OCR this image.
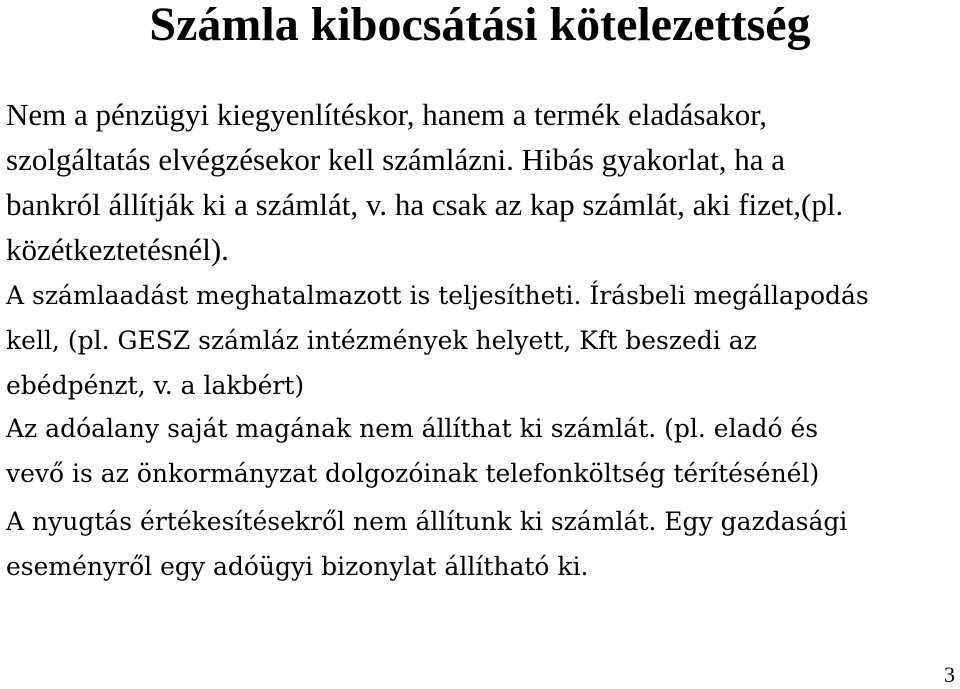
Számla kibocsátási kötelezettség

Nem a pénzügyi kiegyenlítéskor, hanem a termék eladásakor,
szolgáltatás elvégzésekor kell számlázni. Hibás gyakorlat, ha a
bankról állítják ki a számlát, v. ha csak az kap számlát, aki fizet,(pl.
közétkeztetésnél).

A számlaadást meghatalmazott is teljesítheti. Írásbeli megállapodás
kell, (pl. GESZ számláz intézmények helyett, Kft beszedi az
ebédpénzt, v. a lakbért)

Az adóalany saját magának nem állíthat ki számlát. (pl. eladó és
vevő is az önkormányzat dolgozóinak telefonköltség térítésénél)

A nyugtás értékesítésekről nem állítunk ki számlát. Egy gazdasági
eseményről egy adóügyi bizonylat állítható ki.

3
